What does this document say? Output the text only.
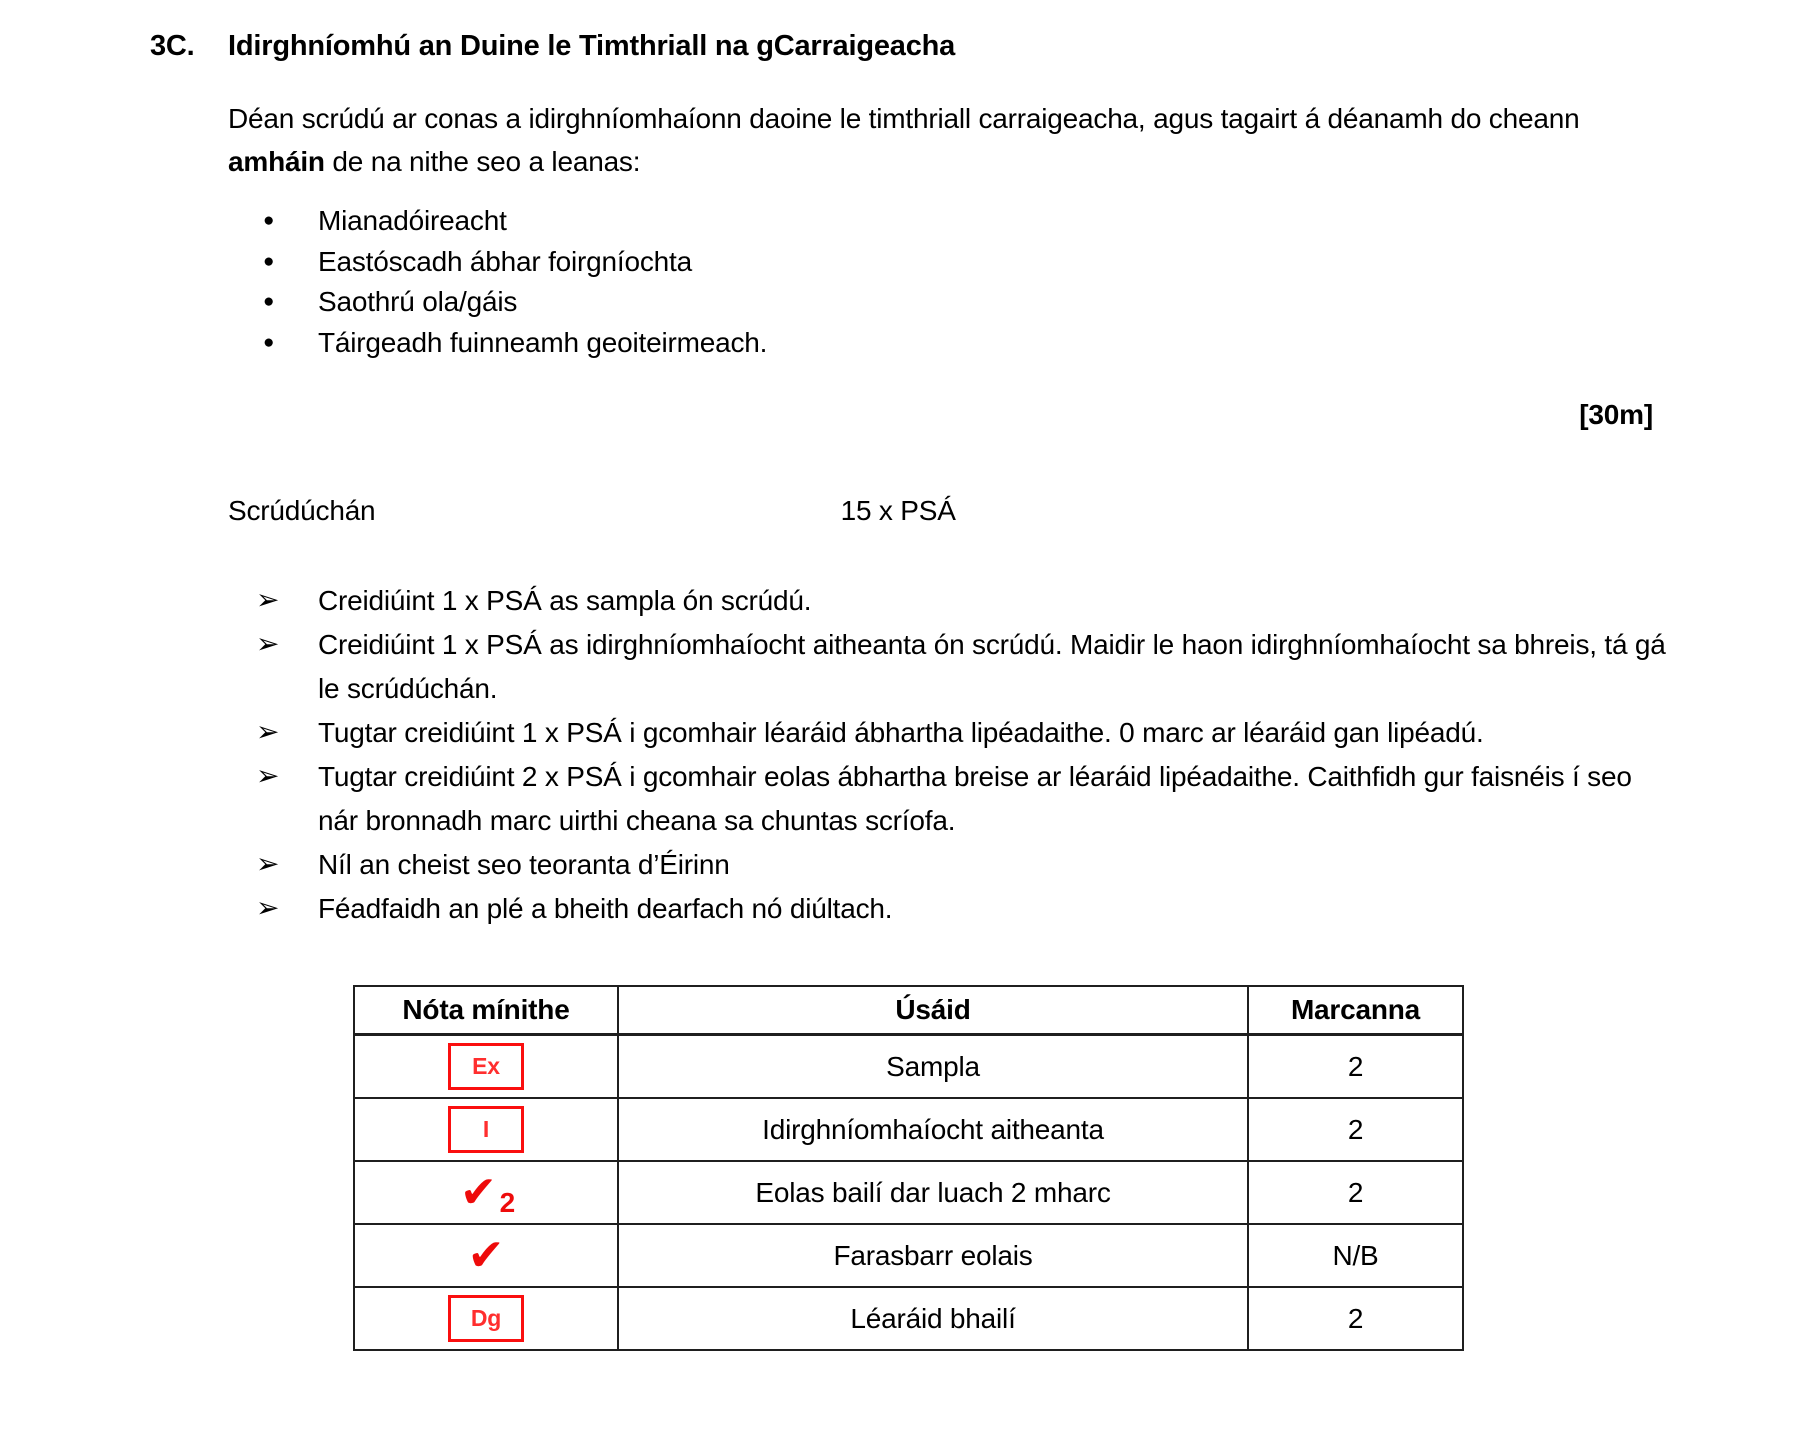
3C.	Idirghníomhú an Duine le Timthriall na gCarraigeacha

Déan scrúdú ar conas a idirghníomhaíonn daoine le timthriall carraigeacha, agus tagairt á déanamh do cheann amháin de na nithe seo a leanas:

● Mianadóireacht
● Eastóscadh ábhar foirgníochta
● Saothrú ola/gáis
● Táirgeadh fuinneamh geoiteirmeach.
[30m]
Scrúdúchán	15 x PSÁ
➢ Creidiúint 1 x PSÁ as sampla ón scrúdú.
➢ Creidiúint 1 x PSÁ as idirghníomhaíocht aitheanta ón scrúdú. Maidir le haon idirghníomhaíocht sa bhreis, tá gá le scrúdúchán.
➢ Tugtar creidiúint 1 x PSÁ i gcomhair léaráid ábhartha lipéadaithe. 0 marc ar léaráid gan lipéadú.
➢ Tugtar creidiúint 2 x PSÁ i gcomhair eolas ábhartha breise ar léaráid lipéadaithe. Caithfidh gur faisnéis í seo nár bronnadh marc uirthi cheana sa chuntas scríofa.
➢ Níl an cheist seo teoranta d’Éirinn
➢ Féadfaidh an plé a bheith dearfach nó diúltach.
Nóta mínithe	Úsáid	Marcanna
Ex	Sampla	2
I	Idirghníomhaíocht aitheanta	2
✔ 2	Eolas bailí dar luach 2 mharc	2
✔	Farasbarr eolais	N/B
Dg	Léaráid bhailí	2
